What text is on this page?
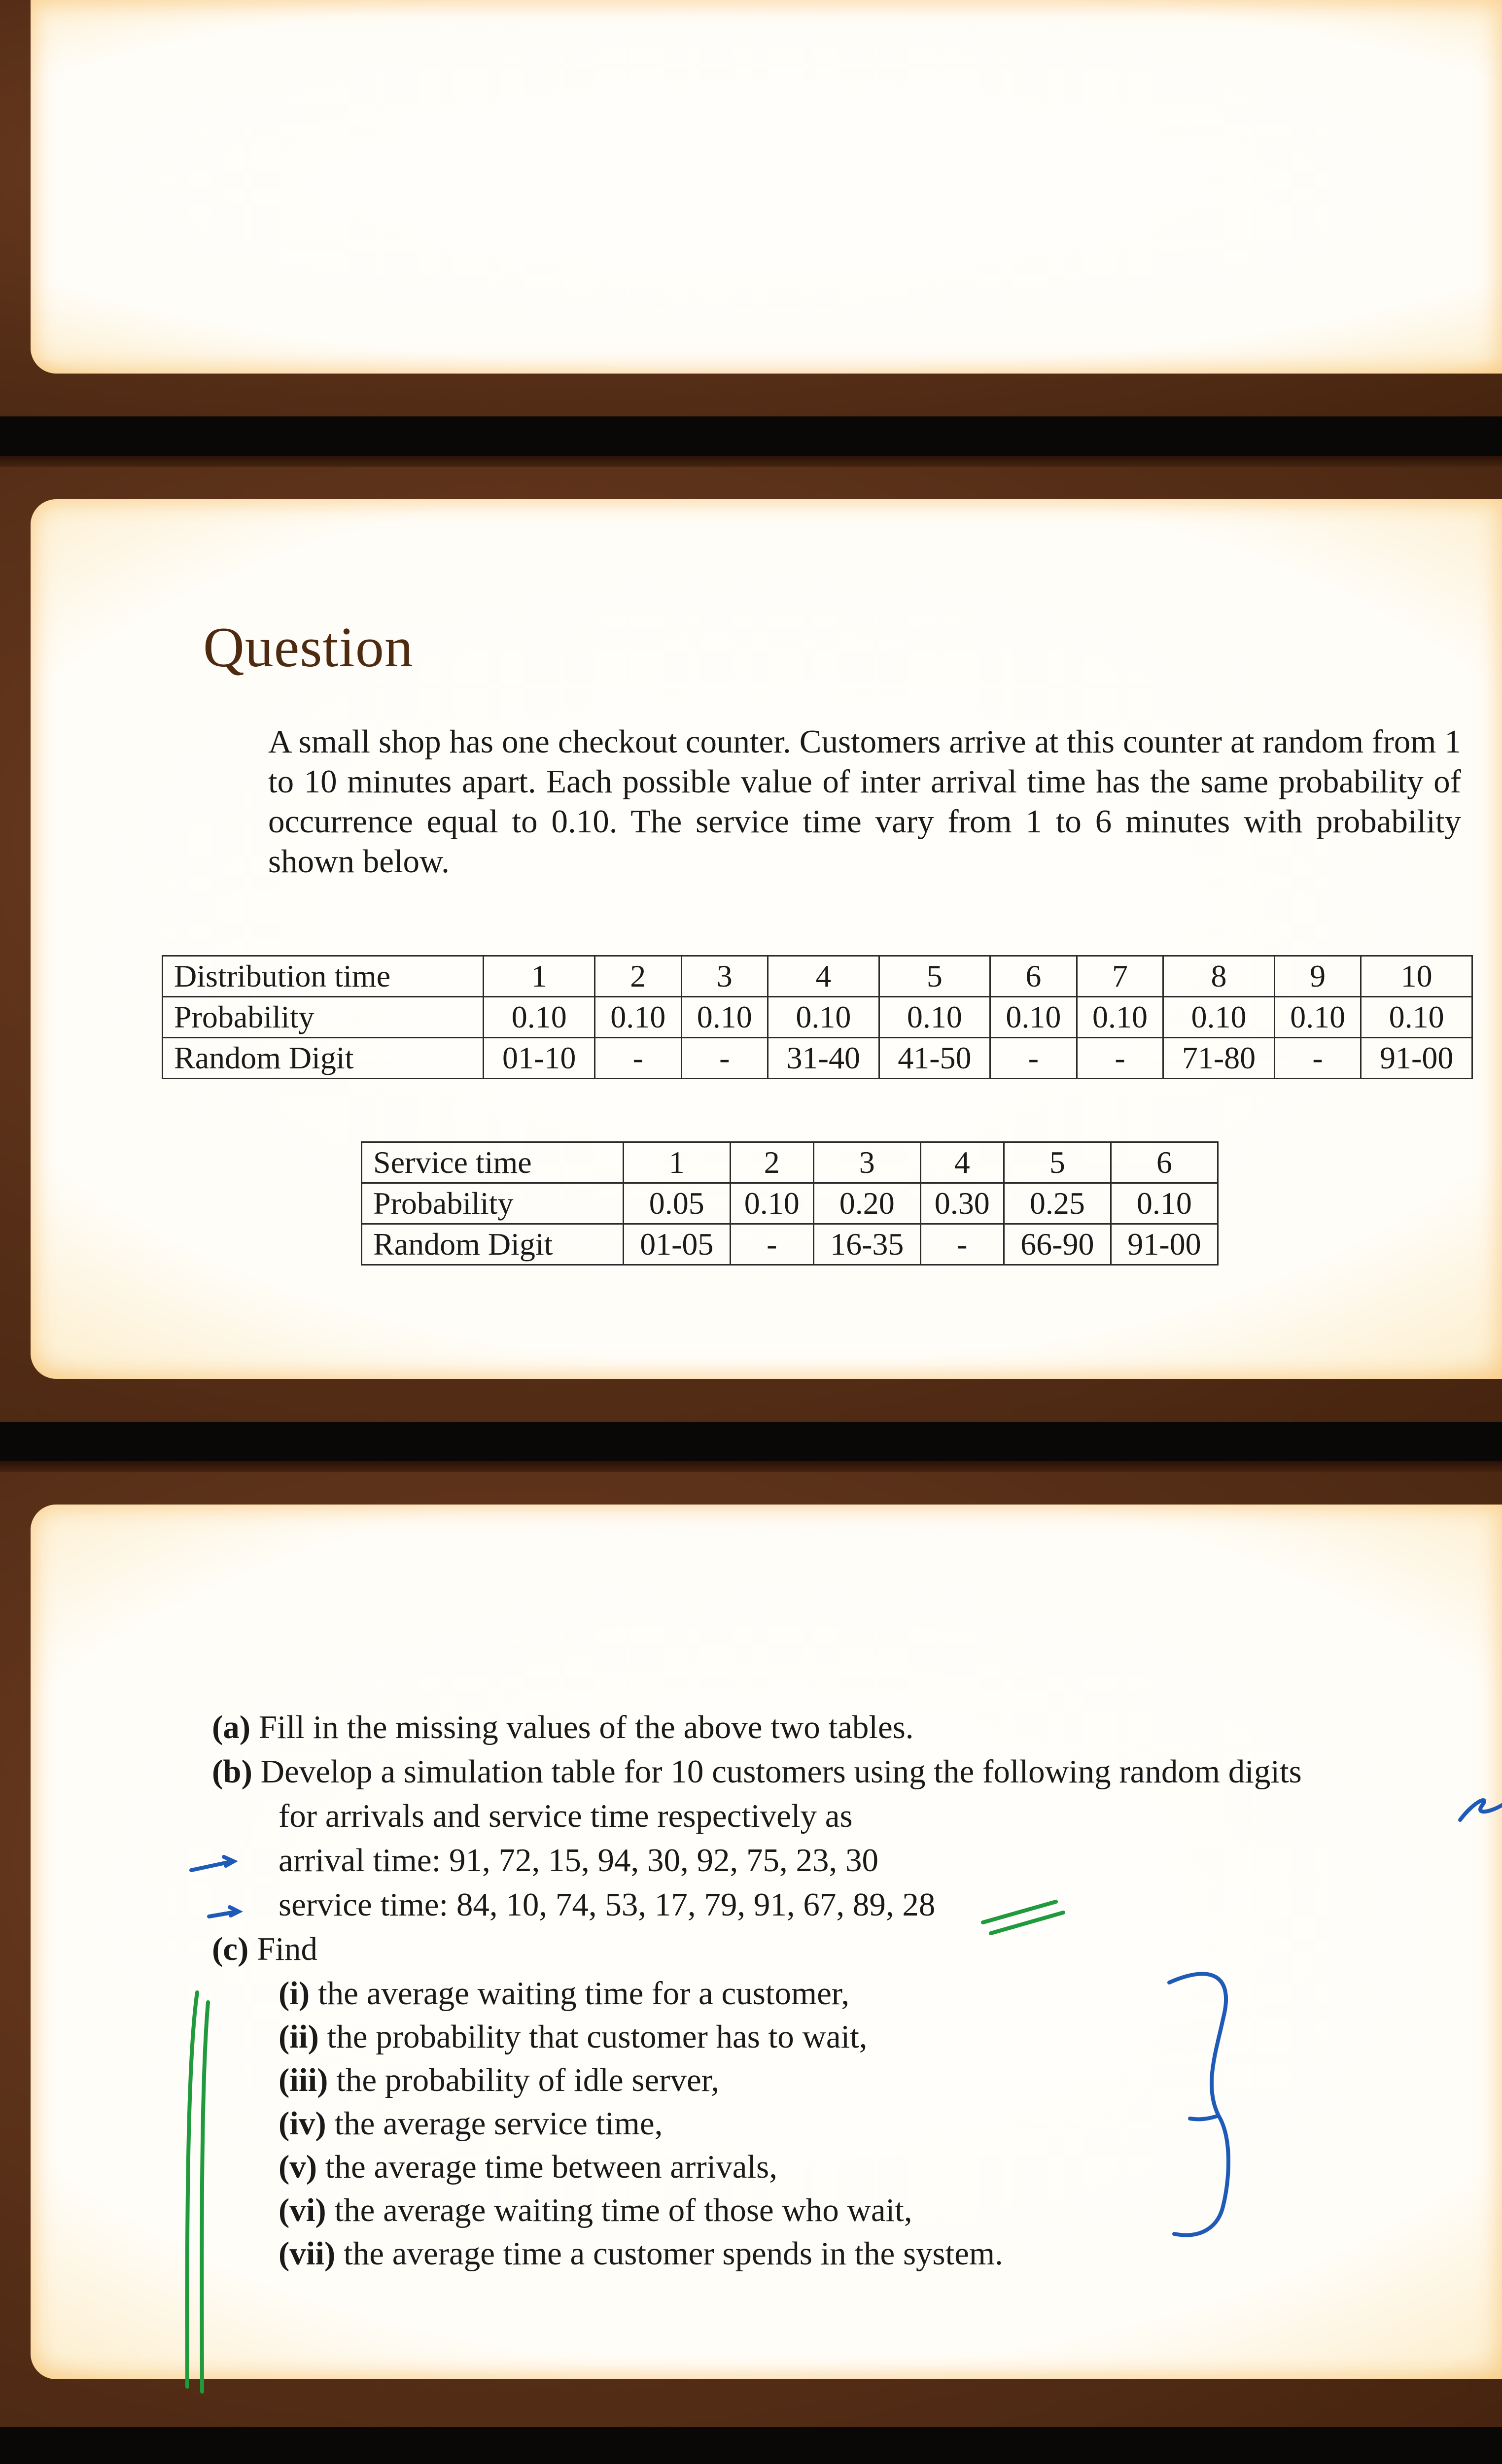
Question

A small shop has one checkout counter. Customers arrive at this counter at random from 1 to 10 minutes apart. Each possible value of inter arrival time has the same probability of occurrence equal to 0.10. The service time vary from 1 to 6 minutes with probability shown below.

Distribution time	1	2	3	4	5	6	7	8	9	10
Probability	0.10	0.10	0.10	0.10	0.10	0.10	0.10	0.10	0.10	0.10
Random Digit	01-10	-	-	31-40	41-50	-	-	71-80	-	91-00
Service time	1	2	3	4	5	6
Probability	0.05	0.10	0.20	0.30	0.25	0.10
Random Digit	01-05	-	16-35	-	66-90	91-00

(a) Fill in the missing values of the above two tables.

(b) Develop a simulation table for 10 customers using the following random digits

for arrivals and service time respectively as

arrival time: 91, 72, 15, 94, 30, 92, 75, 23, 30

service time: 84, 10, 74, 53, 17, 79, 91, 67, 89, 28

(c) Find

(i) the average waiting time for a customer,

(ii) the probability that customer has to wait,

(iii) the probability of idle server,

(iv) the average service time,

(v) the average time between arrivals,

(vi) the average waiting time of those who wait,

(vii) the average time a customer spends in the system.
